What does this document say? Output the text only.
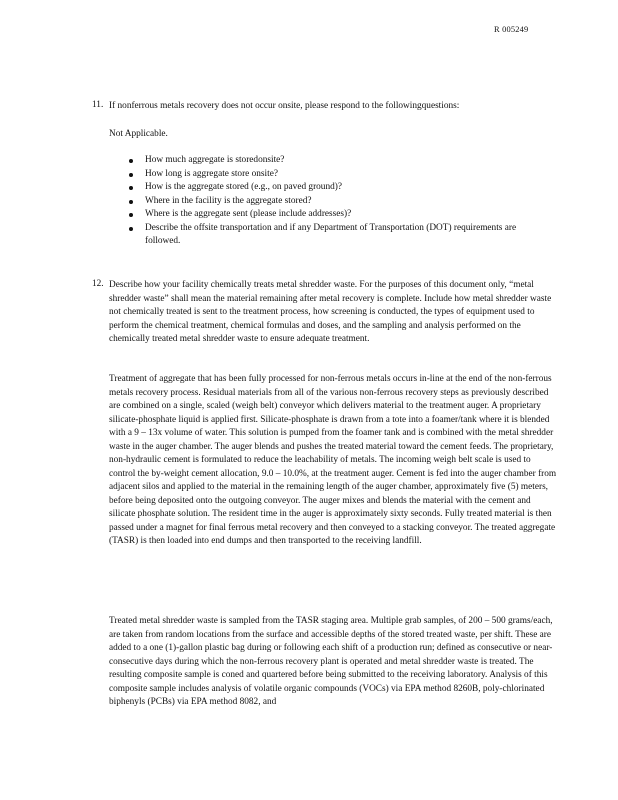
R 005249
11. If nonferrous metals recovery does not occur onsite, please respond to the followingquestions:
Not Applicable.
How much aggregate is storedonsite?
How long is aggregate store onsite?
How is the aggregate stored (e.g., on paved ground)?
Where in the facility is the aggregate stored?
Where is the aggregate sent (please include addresses)?
Describe the offsite transportation and if any Department of Transportation (DOT) requirements are followed.
12. Describe how your facility chemically treats metal shredder waste. For the purposes of this document only, “metal shredder waste” shall mean the material remaining after metal recovery is complete. Include how metal shredder waste not chemically treated is sent to the treatment process, how screening is conducted, the types of equipment used to perform the chemical treatment, chemical formulas and doses, and the sampling and analysis performed on the chemically treated metal shredder waste to ensure adequate treatment.
Treatment of aggregate that has been fully processed for non-ferrous metals occurs in-line at the end of the non-ferrous metals recovery process. Residual materials from all of the various non-ferrous recovery steps as previously described are combined on a single, scaled (weigh belt) conveyor which delivers material to the treatment auger. A proprietary silicate-phosphate liquid is applied first. Silicate-phosphate is drawn from a tote into a foamer/tank where it is blended with a 9 – 13x volume of water. This solution is pumped from the foamer tank and is combined with the metal shredder waste in the auger chamber. The auger blends and pushes the treated material toward the cement feeds. The proprietary, non-hydraulic cement is formulated to reduce the leachability of metals. The incoming weigh belt scale is used to control the by-weight cement allocation, 9.0 – 10.0%, at the treatment auger. Cement is fed into the auger chamber from adjacent silos and applied to the material in the remaining length of the auger chamber, approximately five (5) meters, before being deposited onto the outgoing conveyor. The auger mixes and blends the material with the cement and silicate phosphate solution. The resident time in the auger is approximately sixty seconds. Fully treated material is then passed under a magnet for final ferrous metal recovery and then conveyed to a stacking conveyor. The treated aggregate (TASR) is then loaded into end dumps and then transported to the receiving landfill.
Treated metal shredder waste is sampled from the TASR staging area. Multiple grab samples, of 200 – 500 grams/each, are taken from random locations from the surface and accessible depths of the stored treated waste, per shift. These are added to a one (1)-gallon plastic bag during or following each shift of a production run; defined as consecutive or near-consecutive days during which the non-ferrous recovery plant is operated and metal shredder waste is treated. The resulting composite sample is coned and quartered before being submitted to the receiving laboratory. Analysis of this composite sample includes analysis of volatile organic compounds (VOCs) via EPA method 8260B, poly-chlorinated biphenyls (PCBs) via EPA method 8082, and
